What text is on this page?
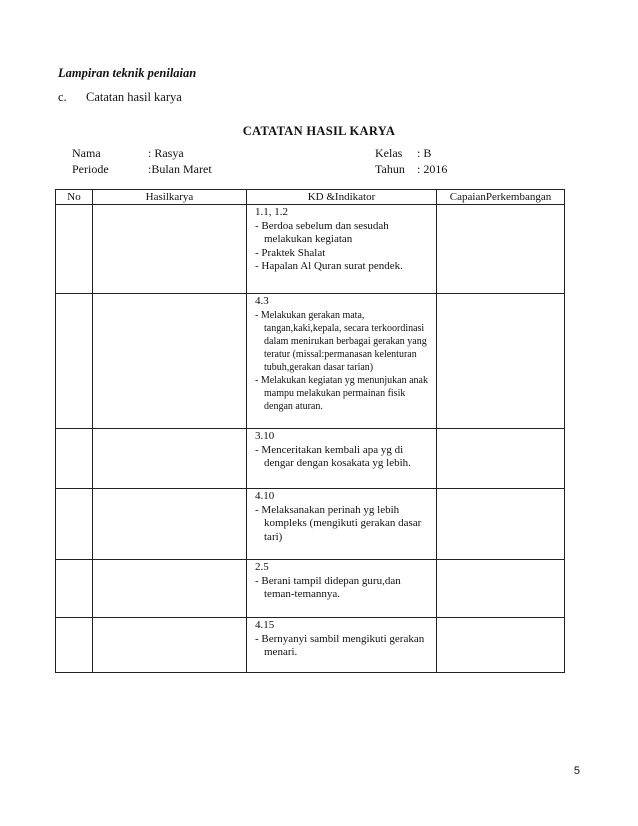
Lampiran teknik penilaian
c. Catatan hasil karya
CATATAN HASIL KARYA
Nama	: Rasya
Periode	:Bulan Maret
Kelas : B
Tahun : 2016
No	Hasilkarya	KD &Indikator	CapaianPerkembangan

		1.1, 1.2
- Berdoa sebelum dan sesudah melakukan kegiatan
- Praktek Shalat
- Hapalan Al Quran surat pendek.	

		4.3
- Melakukan gerakan mata, tangan,kaki,kepala, secara terkoordinasi dalam menirukan berbagai gerakan yang teratur (missal:permanasan kelenturan tubuh,gerakan dasar tarian)
- Melakukan kegiatan yg menunjukan anak mampu melakukan permainan fisik dengan aturan.	

		3.10
- Menceritakan kembali apa yg di dengar dengan kosakata yg lebih.	

		4.10
- Melaksanakan perinah yg lebih kompleks (mengikuti gerakan dasar tari)	

		2.5
- Berani tampil didepan guru,dan teman-temannya.	

		4.15
- Bernyanyi sambil mengikuti gerakan menari.	

5
